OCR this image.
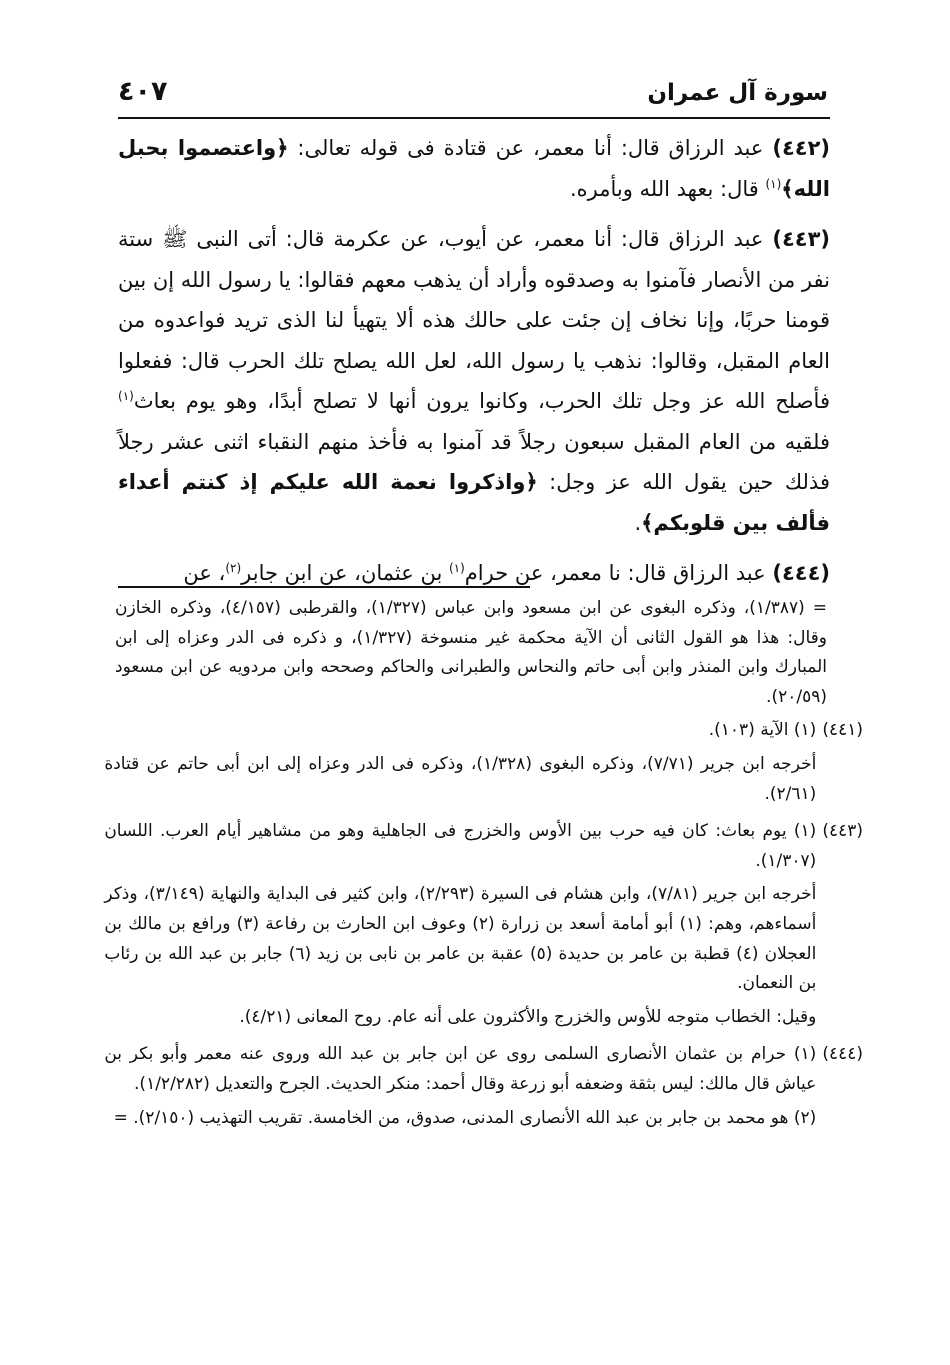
سورة آل عمران
٤٠٧

(٤٤٢) عبد الرزاق قال: أنا معمر، عن قتادة فى قوله تعالى: ﴿واعتصموا بحبل الله﴾$^{(١)}$ قال: بعهد الله وبأمره.

(٤٤٣) عبد الرزاق قال: أنا معمر، عن أيوب، عن عكرمة قال: أتى النبى ﷺ ستة نفر من الأنصار فآمنوا به وصدقوه وأراد أن يذهب معهم فقالوا: يا رسول الله إن بين قومنا حربًا، وإنا نخاف إن جئت على حالك هذه ألا يتهيأ لنا الذى تريد فواعدوه من العام المقبل، وقالوا: نذهب يا رسول الله، لعل الله يصلح تلك الحرب قال: ففعلوا فأصلح الله عز وجل تلك الحرب، وكانوا يرون أنها لا تصلح أبدًا، وهو يوم بعاث$^{(١)}$ فلقيه من العام المقبل سبعون رجلاً قد آمنوا به فأخذ منهم النقباء اثنى عشر رجلاً فذلك حين يقول الله عز وجل: ﴿واذكروا نعمة الله عليكم إذ كنتم أعداء فألف بين قلوبكم﴾.

(٤٤٤) عبد الرزاق قال: نا معمر، عن حرام$^{(١)}$ بن عثمان، عن ابن جابر$^{(٢)}$، عن

= (١/٣٨٧)، وذكره البغوى عن ابن مسعود وابن عباس (١/٣٢٧)، والقرطبى (٤/١٥٧)، وذكره الخازن وقال: هذا هو القول الثانى أن الآية محكمة غير منسوخة (١/٣٢٧)، و ذكره فى الدر وعزاه إلى ابن المبارك وابن المنذر وابن أبى حاتم والنحاس والطبرانى والحاكم وصححه وابن مردويه عن ابن مسعود (٢٠/٥٩).

(٤٤١)

(١) الآية (١٠٣).

أخرجه ابن جرير (٧/٧١)، وذكره البغوى (١/٣٢٨)، وذكره فى الدر وعزاه إلى ابن أبى حاتم عن قتادة (٢/٦١).

(٤٤٣)

(١) يوم بعاث: كان فيه حرب بين الأوس والخزرج فى الجاهلية وهو من مشاهير أيام العرب. اللسان (١/٣٠٧).

أخرجه ابن جرير (٧/٨١)، وابن هشام فى السيرة (٢/٢٩٣)، وابن كثير فى البداية والنهاية (٣/١٤٩)، وذكر أسماءهم، وهم: (١) أبو أمامة أسعد بن زرارة (٢) وعوف ابن الحارث بن رفاعة (٣) ورافع بن مالك بن العجلان (٤) قطبة بن عامر بن حديدة (٥) عقبة بن عامر بن نابى بن زيد (٦) جابر بن عبد الله بن رئاب بن النعمان.

وقيل: الخطاب متوجه للأوس والخزرج والأكثرون على أنه عام. روح المعانى (٤/٢١).

(٤٤٤)

(١) حرام بن عثمان الأنصارى السلمى روى عن ابن جابر بن عبد الله وروى عنه معمر وأبو بكر بن عياش قال مالك: ليس بثقة وضعفه أبو زرعة وقال أحمد: منكر الحديث. الجرح والتعديل (١/٢/٢٨٢).

(٢) هو محمد بن جابر بن عبد الله الأنصارى المدنى، صدوق، من الخامسة. تقريب التهذيب (٢/١٥٠). =
